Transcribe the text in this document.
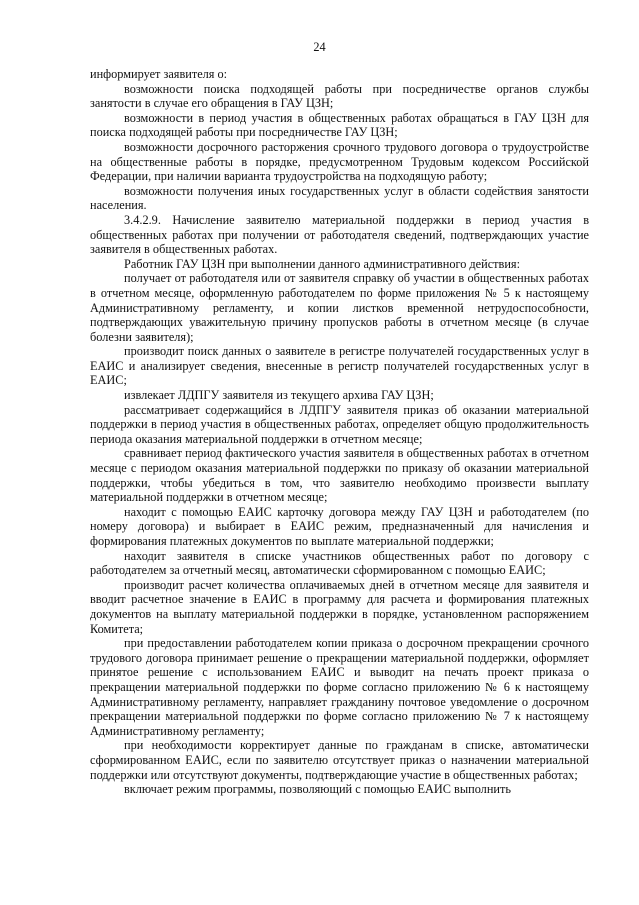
24

информирует заявителя о:

возможности поиска подходящей работы при посредничестве органов службы занятости в случае его обращения в ГАУ ЦЗН;

возможности в период участия в общественных работах обращаться в ГАУ ЦЗН для поиска подходящей работы при посредничестве ГАУ ЦЗН;

возможности досрочного расторжения срочного трудового договора о трудоустройстве на общественные работы в порядке, предусмотренном Трудовым кодексом Российской Федерации, при наличии варианта трудоустройства на подходящую работу;

возможности получения иных государственных услуг в области содействия занятости населения.

3.4.2.9. Начисление заявителю материальной поддержки в период участия в общественных работах при получении от работодателя сведений, подтверждающих участие заявителя в общественных работах.

Работник ГАУ ЦЗН при выполнении данного административного действия:

получает от работодателя или от заявителя справку об участии в общественных работах в отчетном месяце, оформленную работодателем по форме приложения № 5 к настоящему Административному регламенту, и копии листков временной нетрудоспособности, подтверждающих уважительную причину пропусков работы в отчетном месяце (в случае болезни заявителя);

производит поиск данных о заявителе в регистре получателей государственных услуг в ЕАИС и анализирует сведения, внесенные в регистр получателей государственных услуг в ЕАИС;

извлекает ЛДПГУ заявителя из текущего архива ГАУ ЦЗН;

рассматривает содержащийся в ЛДПГУ заявителя приказ об оказании материальной поддержки в период участия в общественных работах, определяет общую продолжительность периода оказания материальной поддержки в отчетном месяце;

сравнивает период фактического участия заявителя в общественных работах в отчетном месяце с периодом оказания материальной поддержки по приказу об оказании материальной поддержки, чтобы убедиться в том, что заявителю необходимо произвести выплату материальной поддержки в отчетном месяце;

находит с помощью ЕАИС карточку договора между ГАУ ЦЗН и работодателем (по номеру договора) и выбирает в ЕАИС режим, предназначенный для начисления и формирования платежных документов по выплате материальной поддержки;

находит заявителя в списке участников общественных работ по договору с работодателем за отчетный месяц, автоматически сформированном с помощью ЕАИС;

производит расчет количества оплачиваемых дней в отчетном месяце для заявителя и вводит расчетное значение в ЕАИС в программу для расчета и формирования платежных документов на выплату материальной поддержки в порядке, установленном распоряжением Комитета;

при предоставлении работодателем копии приказа о досрочном прекращении срочного трудового договора принимает решение о прекращении материальной поддержки, оформляет принятое решение с использованием ЕАИС и выводит на печать проект приказа о прекращении материальной поддержки по форме согласно приложению № 6 к настоящему Административному регламенту, направляет гражданину почтовое уведомление о досрочном прекращении материальной поддержки по форме согласно приложению № 7 к настоящему Административному регламенту;

при необходимости корректирует данные по гражданам в списке, автоматически сформированном ЕАИС, если по заявителю отсутствует приказ о назначении материальной поддержки или отсутствуют документы, подтверждающие участие в общественных работах;

включает режим программы, позволяющий с помощью ЕАИС выполнить
